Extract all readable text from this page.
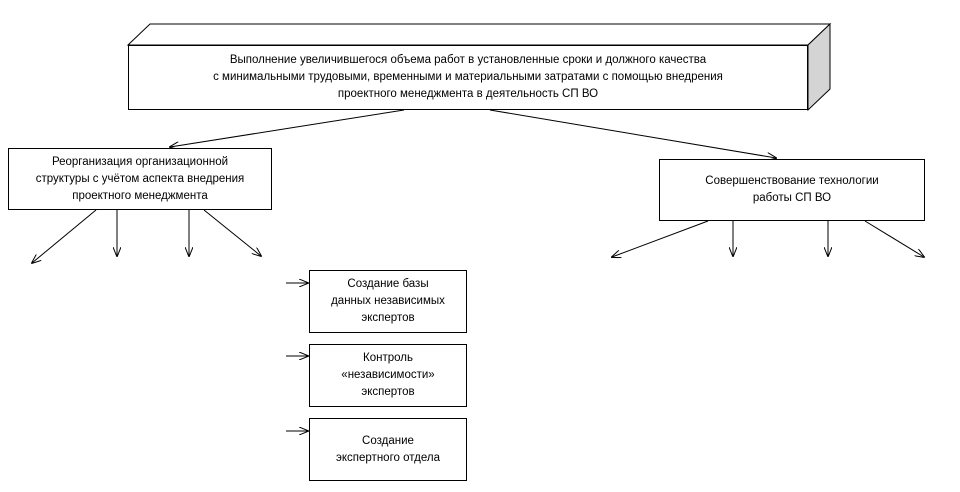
Выполнение увеличившегося объема работ в установленные сроки и должного качества
с минимальными трудовыми, временными и материальными затратами с помощью внедрения
проектного менеджмента в деятельность СП ВО
Реорганизация организационной
структуры с учётом аспекта внедрения
проектного менеджмента
Совершенствование технологии
работы СП ВО
Создание базы
данных независимых
экспертов
Контроль
«независимости»
экспертов
Создание
экспертного отдела
